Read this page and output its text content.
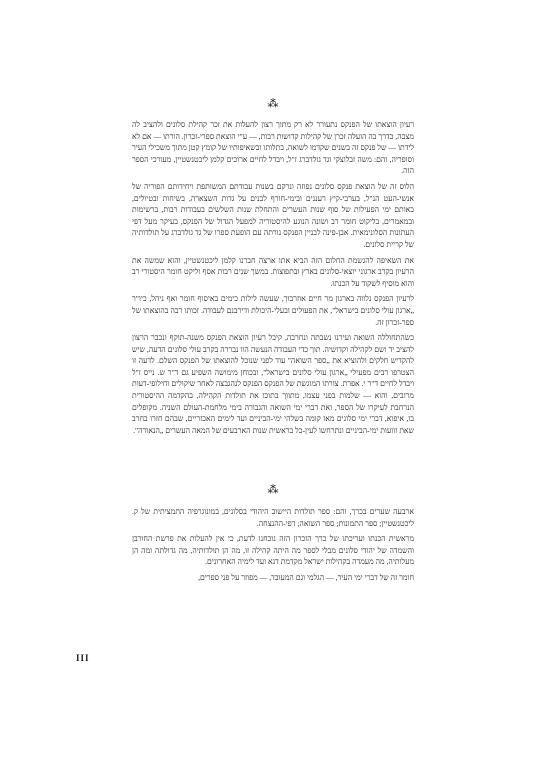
⁂

רעיון הוצאתו של הפנקס נתעורר לא רק מתוך רצון להעלות את זכר קהילת סלונים ולהציב לה מצבה, כדרך בה הועלה זכרן של קהילות קדושות רבות, — ע"י הוצאת ספרי-זכרון. הורתו — אם לא לידתו — של פנקס זה בשנים שקדמו לשואה, בתלותו ובשאיפותיו של קומץ קטן מתוך משכילי העיר וסופריה, והם: משה זבלוצקי וגד גולדברג ז"ל, ויבדל לחיים ארוכים קלמן ליכטנשטיין, מעורכי הספר הזה.

הלוס זה של הוצאת פנקס סלונים נפוזה ונרקם בשנות עבודתם המשותפת ויחידותם הפוריה של אנשי-העט הנ"ל, בערבי-קיץ רעננים ובימי-חורף לבנים על גדות השצארה, בשיחות ובטיולים, באותם ימי הפעילות של סוף שנות העשרים והתחלת שנות השלשים בעבודות רבות, ברשימות ובמאמרים, בליקוט חומר רב ושונה הנוגע להיסטוריה למפעל הגדול של הפנקס, בעיקר מעל דפי העתונות הסלונימאית. אבן-פינה לבניין הפנקס נורתה עם הופעת ספרו של גד גולדברג על תולדותיה של קריית סלונים.

את השאיפה להגשמת החלום הזה הביא אתו ארצה חברנו קלמן ליכטנשטיין, והוא שמשה את הרעיון בקרב ארגוני יוצאי-סלונים בארץ ובתפוצות. במשך שנים רבות אסף וליקט חומר היסטורי רב והוא מוסיף לשקוד על הכנתו.

לרעיון הפנקס נלווה בארגון מר חיים אוזרבוך, שעשה לילות כימים באיסוף חומר ואף ניהל, כיו"ר „ארגון עולי סלונים בישראל", את הפעולים ובעלי-היכולת ודירבנם לעבודה. זכותו רבה בהוצאתו של ספר-זכרון זה.

כשהתחוללה השואה ועירנו נשבתה ונחרבה, קיבל רעיון הוצאת הפנקס משנה-תוקף ונכבר הרצון להציב יד ושם לקהילה וקדושיה. תוך כדי העבודה הנעשה הוו נבררה בקרב עולי סלונים הדעה, שיש להקדיש חלקים ולהוציא את „ספר השואה" עוד לפני שנוכל להוצאתו של הפנקס השלם. לדעה זו הצטרפו רבים מפעילי „ארגון עולי סלונים בישראל", ובכוחן מימושה השפיע גם ד"ר ש. נייס ז"ל ויבדל לחיים ד"ר י. אפרת. צורתו המוגשת של הפנקס הפנקס לנהגבצה לאחר שיקולים וחילופי-דעות מרובים, והוא — שלמות בפני עצמו, מתווך בתוכו את תולדות הקהילה, בהקדמה ההיסטורית הנרחבת לעיקרו של הספר, ואת דברי ימי השואה והגבורה בימי מלחמת-העולם השניה. מקופלים בו, איפוא, דברי ימי סלונים מאז קומה בשלהי ימי-הביניים ועד לימים האכזריים, שבהם חזרו בחרב שאת זוועות ימי-הביניים ונתרחשו לעין-כל בראשית שנות הארבעים של המאה העשרים „הנאורה".

⁂

ארבעה שערים בכרך, והם: ספר תולדות היישוב היהודי בסלונים, במונוגרפיה התמציתית של ק. ליכטנשטיין; ספר התמונות; ספר השואה; דפי-ההנצחה.

מראשית הכנתו ועריכתו של כרך הזכרון הזה נוכחנו לדעת, כי אין להעלות את פרשת החורבן והשמדה של יהודי סלונים מבלי לספר מה היתה קהילה זו, מה הן תולדותיה, מה גדולתה ומה הן מעלותיה, מה מעמדה בקהילות ישראל מקדמת דנא ועד לימיה האחרונים.

חומר זה של דברי ימי העיר, — הגלמי וגם המעובד, — מפוזר על פני ספרים,

III
